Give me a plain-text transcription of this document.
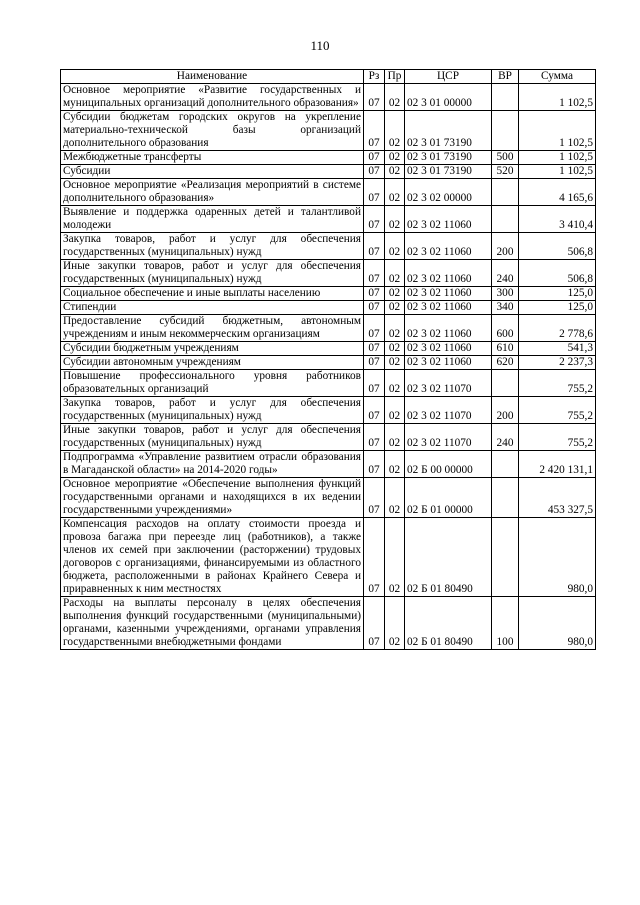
110
Наименование	Рз	Пр	ЦСР	ВР	Сумма
Основное мероприятие «Развитие государственных и муниципальных организаций дополнительного образования»	07	02	02 3 01 00000		1 102,5
Субсидии бюджетам городских округов на укрепление материально-технической базы организаций дополнительного образования	07	02	02 3 01 73190		1 102,5
Межбюджетные трансферты	07	02	02 3 01 73190	500	1 102,5
Субсидии	07	02	02 3 01 73190	520	1 102,5
Основное мероприятие «Реализация мероприятий в системе дополнительного образования»	07	02	02 3 02 00000		4 165,6
Выявление и поддержка одаренных детей и талантливой молодежи	07	02	02 3 02 11060		3 410,4
Закупка товаров, работ и услуг для обеспечения государственных (муниципальных) нужд	07	02	02 3 02 11060	200	506,8
Иные закупки товаров, работ и услуг для обеспечения государственных (муниципальных) нужд	07	02	02 3 02 11060	240	506,8
Социальное обеспечение и иные выплаты населению	07	02	02 3 02 11060	300	125,0
Стипендии	07	02	02 3 02 11060	340	125,0
Предоставление субсидий бюджетным, автономным учреждениям и иным некоммерческим организациям	07	02	02 3 02 11060	600	2 778,6
Субсидии бюджетным учреждениям	07	02	02 3 02 11060	610	541,3
Субсидии автономным учреждениям	07	02	02 3 02 11060	620	2 237,3
Повышение профессионального уровня работников образовательных организаций	07	02	02 3 02 11070		755,2
Закупка товаров, работ и услуг для обеспечения государственных (муниципальных) нужд	07	02	02 3 02 11070	200	755,2
Иные закупки товаров, работ и услуг для обеспечения государственных (муниципальных) нужд	07	02	02 3 02 11070	240	755,2
Подпрограмма «Управление развитием отрасли образования в Магаданской области» на 2014-2020 годы»	07	02	02 Б 00 00000		2 420 131,1
Основное мероприятие «Обеспечение выполнения функций государственными органами и находящихся в их ведении государственными учреждениями»	07	02	02 Б 01 00000		453 327,5
Компенсация расходов на оплату стоимости проезда и провоза багажа при переезде лиц (работников), а также членов их семей при заключении (расторжении) трудовых договоров с организациями, финансируемыми из областного бюджета, расположенными в районах Крайнего Севера и приравненных к ним местностях	07	02	02 Б 01 80490		980,0
Расходы на выплаты персоналу в целях обеспечения выполнения функций государственными (муниципальными) органами, казенными учреждениями, органами управления государственными внебюджетными фондами	07	02	02 Б 01 80490	100	980,0
